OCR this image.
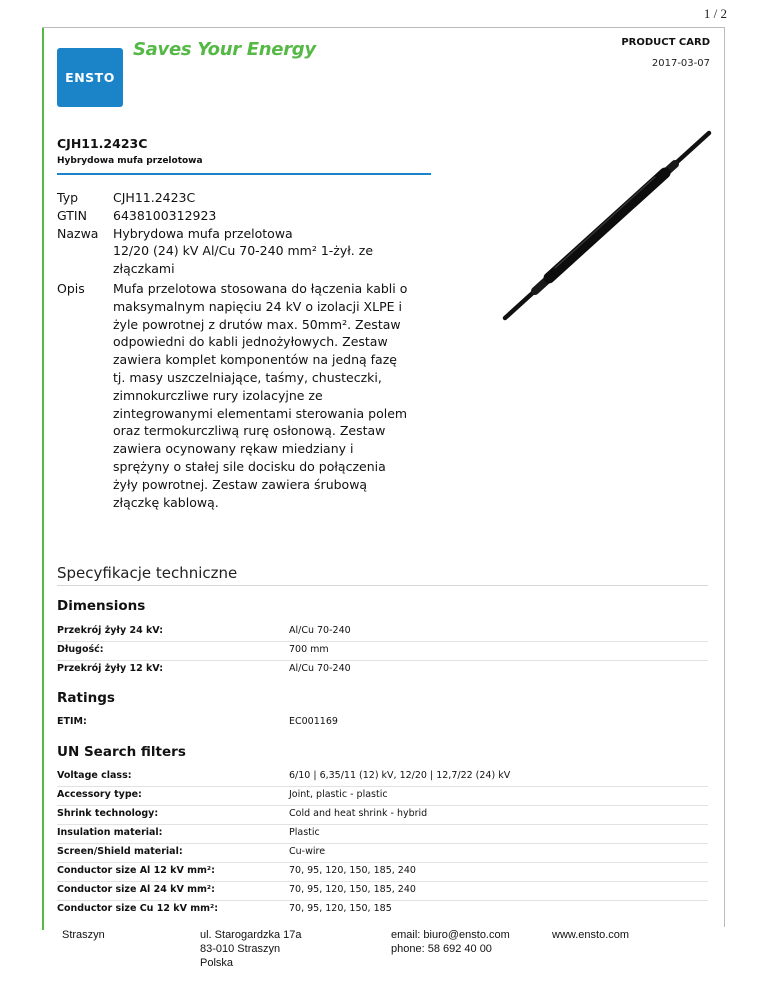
1 / 2
ENSTO
Saves Your Energy	PRODUCT CARD
2017-03-07
CJH11.2423C
Hybrydowa mufa przelotowa
Typ	CJH11.2423C
GTIN	6438100312923
Nazwa	Hybrydowa mufa przelotowa

12/20 (24) kV Al/Cu 70-240 mm² 1-żył. ze złączkami

Opis	Mufa przelotowa stosowana do łączenia kabli o maksymalnym napięciu 24 kV o izolacji XLPE i żyle powrotnej z drutów max. 50mm². Zestaw odpowiedni do kabli jednożyłowych. Zestaw zawiera komplet komponentów na jedną fazę tj. masy uszczelniające, taśmy, chusteczki, zimnokurczliwe rury izolacyjne ze zintegrowanymi elementami sterowania polem oraz termokurczliwą rurę osłonową. Zestaw zawiera ocynowany rękaw miedziany i sprężyny o stałej sile docisku do połączenia żyły powrotnej. Zestaw zawiera śrubową złączkę kablową.
Specyfikacje techniczne
Dimensions
Przekrój żyły 24 kV:	Al/Cu 70-240
Długość:	700 mm
Przekrój żyły 12 kV:	Al/Cu 70-240
Ratings
ETIM:	EC001169
UN Search filters
Voltage class:	6/10 | 6,35/11 (12) kV, 12/20 | 12,7/22 (24) kV
Accessory type:	Joint, plastic - plastic
Shrink technology:	Cold and heat shrink - hybrid
Insulation material:	Plastic
Screen/Shield material:	Cu-wire
Conductor size Al 12 kV mm²:	70, 95, 120, 150, 185, 240
Conductor size Al 24 kV mm²:	70, 95, 120, 150, 185, 240
Conductor size Cu 12 kV mm²:	70, 95, 120, 150, 185
Straszyn	ul. Starogardzka 17a
83-010 Straszyn
Polska
email: biuro@ensto.com
phone: 58 692 40 00
www.ensto.com
